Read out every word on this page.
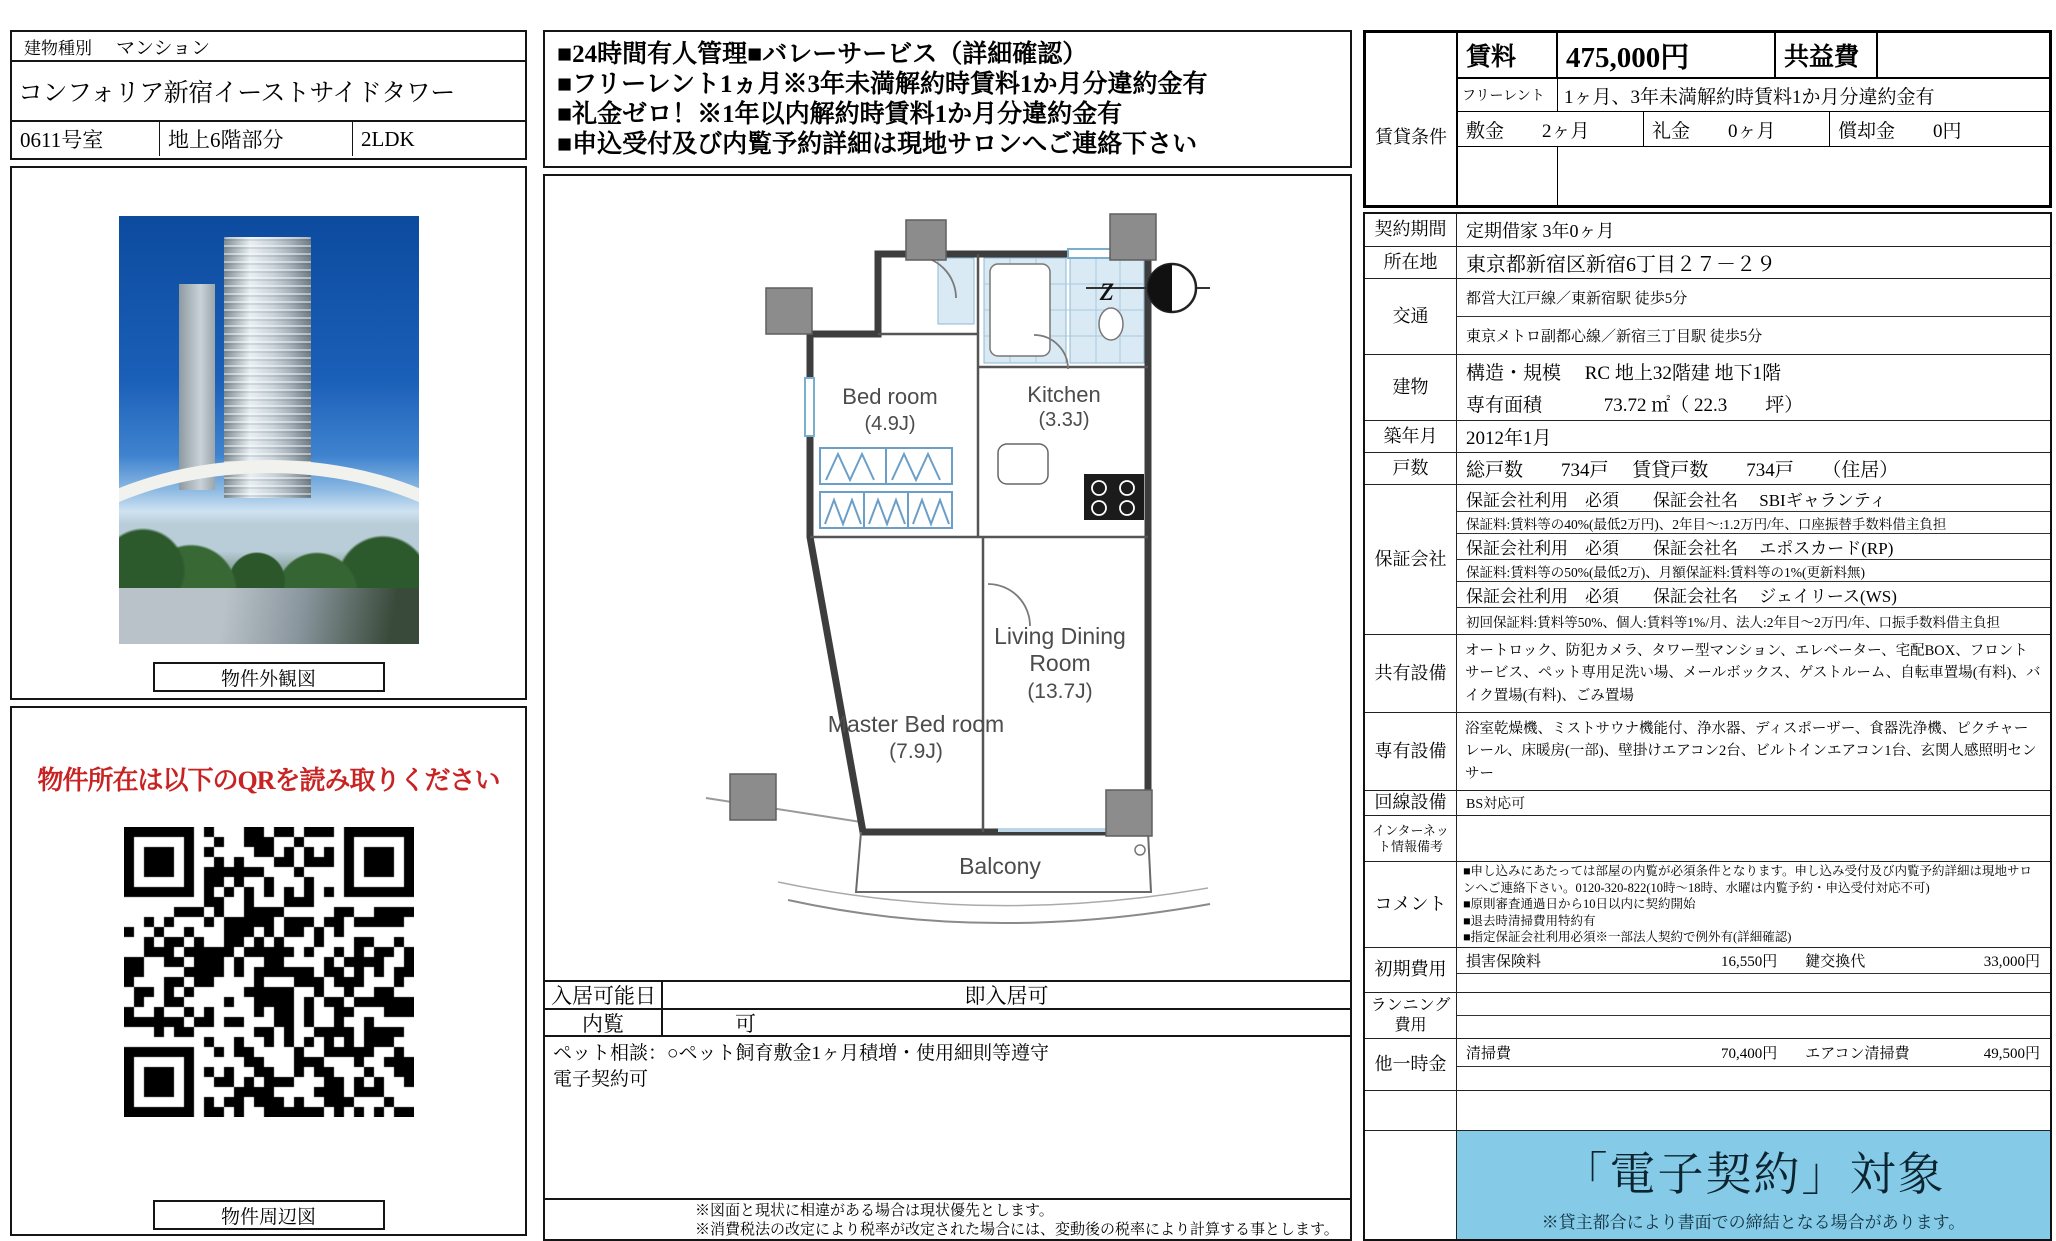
建物種別	マンション
コンフォリア新宿イーストサイドタワー
0611号室	地上6階部分	2LDK
物件外観図
物件所在は以下のQRを読み取りください
物件周辺図
■24時間有人管理■バレーサービス（詳細確認）
■フリーレント1ヵ月※3年未満解約時賃料1か月分違約金有
■礼金ゼロ！※1年以内解約時賃料1か月分違約金有
■申込受付及び内覧予約詳細は現地サロンへご連絡下さい
z
Bed room
(4.9J)
Kitchen
(3.3J)
Living Dining
Room
(13.7J)
Master Bed room
(7.9J)
Balcony
入居可能日	即入居可
内覧	可
ペット相談：○ペット飼育敷金1ヶ月積増・使用細則等遵守
電子契約可
※図面と現状に相違がある場合は現状優先とします。
※消費税法の改定により税率が改定された場合には、変動後の税率により計算する事とします。
賃貸条件
賃料	475,000円	共益費
フリーレント	1ヶ月、3年未満解約時賃料1か月分違約金有
敷金　　2ヶ月	礼金　　0ヶ月	償却金　　0円
契約期間	定期借家 3年0ヶ月
所在地	東京都新宿区新宿6丁目２７－２９
交通
都営大江戸線／東新宿駅 徒歩5分
東京メトロ副都心線／新宿三丁目駅 徒歩5分
建物
構造・規模　 RC 地上32階建 地下1階
専有面積　　　 73.72 ㎡（ 22.3　　坪）
築年月	2012年1月
戸数	総戸数　　734戸　 賃貸戸数　　734戸　　（住居）
保証会社
保証会社利用　必須　　保証会社名　 SBIギャランティ
保証料:賃料等の40%(最低2万円)、2年目～:1.2万円/年、口座振替手数料借主負担
保証会社利用　必須　　保証会社名　 エポスカード(RP)
保証料:賃料等の50%(最低2万)、月額保証料:賃料等の1%(更新料無)
保証会社利用　必須　　保証会社名　 ジェイリース(WS)
初回保証料:賃料等50%、個人:賃料等1%/月、法人:2年目～2万円/年、口振手数料借主負担
共有設備
オートロック、防犯カメラ、タワー型マンション、エレベーター、宅配BOX、フロントサービス、ペット専用足洗い場、メールボックス、ゲストルーム、自転車置場(有料)、バイク置場(有料)、ごみ置場
専有設備
浴室乾燥機、ミストサウナ機能付、浄水器、ディスポーザー、食器洗浄機、ピクチャーレール、床暖房(一部)、壁掛けエアコン2台、ビルトインエアコン1台、玄関人感照明センサー
回線設備	BS対応可
インターネット情報備考
コメント
■申し込みにあたっては部屋の内覧が必須条件となります。申し込み受付及び内覧予約詳細は現地サロンへご連絡下さい。0120-320-822(10時～18時、水曜は内覧予約・申込受付対応不可)
■原則審査通過日から10日以内に契約開始
■退去時清掃費用特約有
■指定保証会社利用必須※一部法人契約で例外有(詳細確認)
初期費用	損害保険料	16,550円	鍵交換代	33,000円
ランニング費用
他一時金	清掃費	70,400円	エアコン清掃費	49,500円
「電子契約」対象
※貸主都合により書面での締結となる場合があります。
